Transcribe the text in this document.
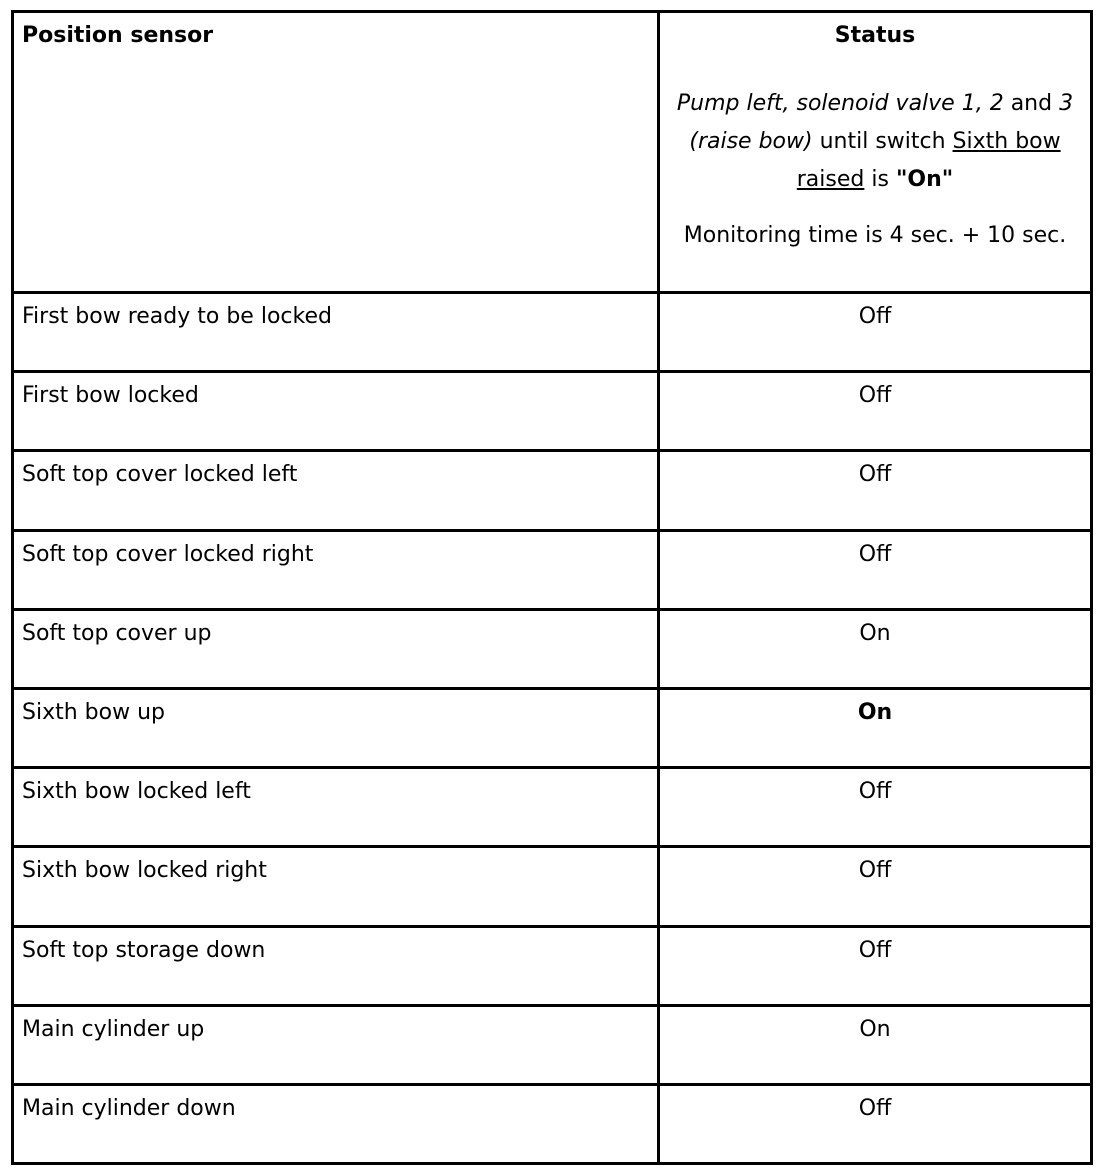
Position sensor	Status

Pump left, solenoid valve 1, 2 and 3 (raise bow) until switch Sixth bow raised is "On"

Monitoring time is 4 sec. + 10 sec.

First bow ready to be locked	Off
First bow locked	Off
Soft top cover locked left	Off
Soft top cover locked right	Off
Soft top cover up	On
Sixth bow up	On
Sixth bow locked left	Off
Sixth bow locked right	Off
Soft top storage down	Off
Main cylinder up	On
Main cylinder down	Off
